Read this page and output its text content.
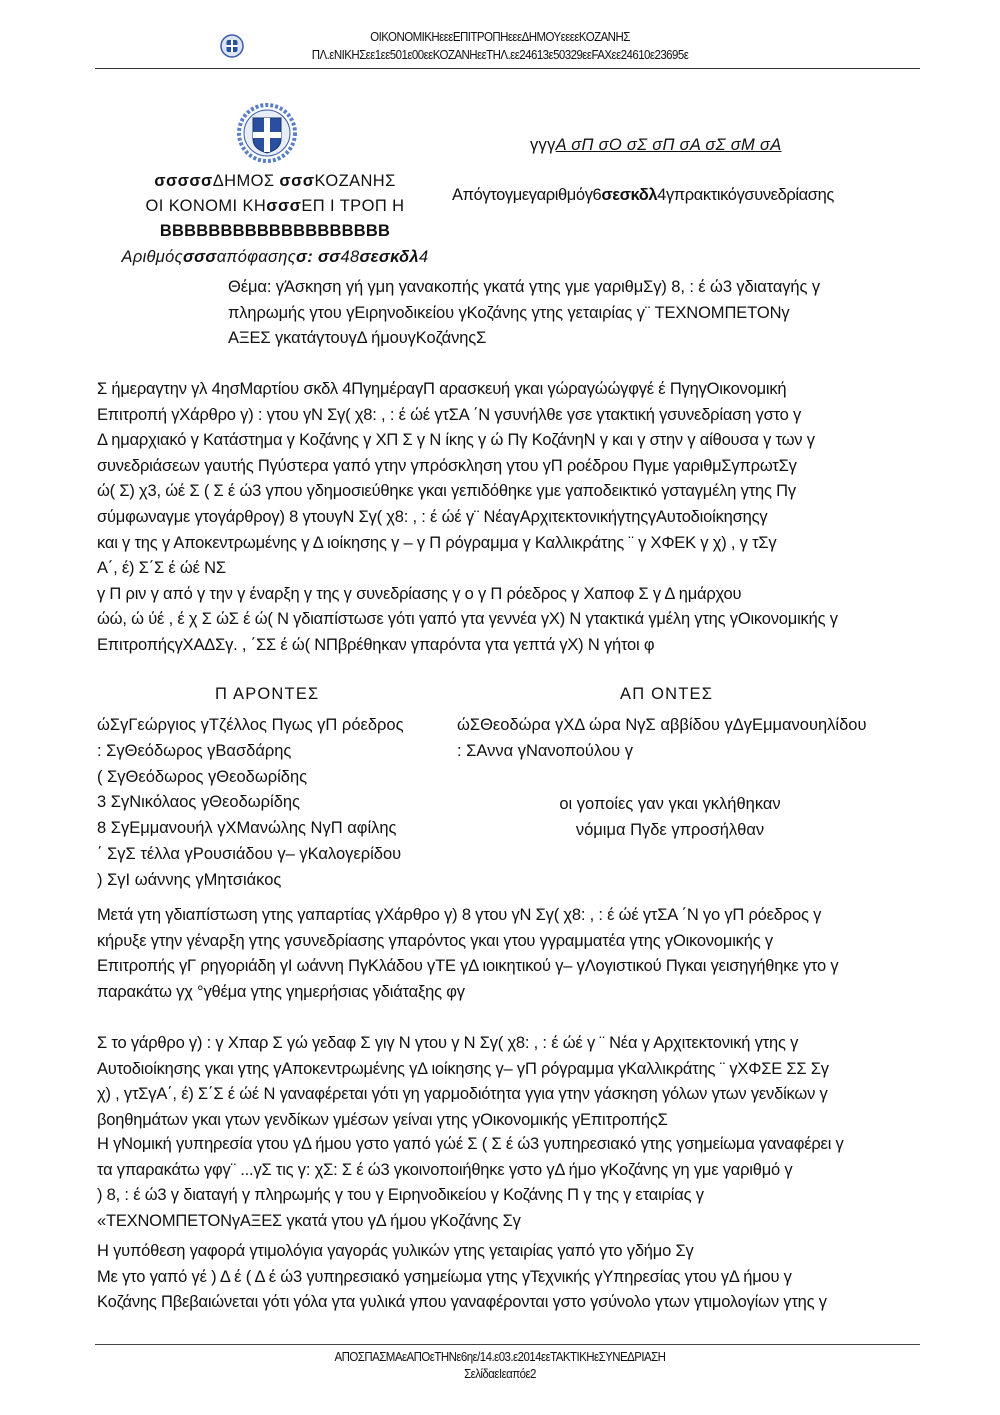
ΟΙΚΟΝΟΜΙΚΗεεεΕΠΙΤΡΟΠΗεεεΔΗΜΟΥεεεεΚΟΖΑΝΗΣ
ΠΛ.εΝΙΚΗΣεε1εε501ε00εεΚΟΖΑΝΗεεΤΗΛ.εε24613ε50329εεFAXεε24610ε23695ε
σσσσσΔΗΜΟΣ σσσΚΟΖΑΝΗΣ
ΟΙ ΚΟΝΟΜΙ ΚΗσσσΕΠ Ι ΤΡΟΠ Η
BBBBBBBBBBBBBBBBBBB
Αριθμόςσσσαπόφασηςσ: σσ48σεσκδλ4
γγγΑ σΠ σΟ σΣ σΠ σΑ σΣ σΜ σΑ
Απόγτογμεγαριθμόγ6σεσκδλ4γπρακτικόγσυνεδρίασης
Θέμα: γΆσκηση γή γμη γανακοπής γκατά γτης γμε γαριθμΣγ) 8, : έ ώ3 γδιαταγής γ
πληρωμής γτου γΕιρηνοδικείου γΚοζάνης γτης γεταιρίας γ¨ ΤΕΧΝΟΜΠΕΤΟΝγ
ΑΞΕΣ γκατάγτουγΔ ήμουγΚοζάνηςΣ
Σ ήμεραγτην γλ 4ησΜαρτίου σκδλ 4ΠγημέραγΠ αρασκευή γκαι γώραγώώγφγέ έ ΠγηγΟικονομική
Επιτροπή γΧάρθρο γ) : γτου γΝ Σγ( χ8: , : έ ώέ γτΣΑ ΄Ν γσυνήλθε γσε γτακτική γσυνεδρίαση γστο γ
Δ ημαρχιακό γ Κατάστημα γ Κοζάνης γ ΧΠ Σ γ Ν ίκης γ ώ Πγ ΚοζάνηΝ γ και γ στην γ αίθουσα γ των γ
συνεδριάσεων γαυτής Πγύστερα γαπό γτην γπρόσκληση γτου γΠ ροέδρου Πγμε γαριθμΣγπρωτΣγ
ώ( Σ) χ3, ώέ Σ ( Σ έ ώ3 γπου γδημοσιεύθηκε γκαι γεπιδόθηκε γμε γαποδεικτικό γσταγμέλη γτης Πγ
σύμφωναγμε γτογάρθρογ) 8 γτουγΝ Σγ( χ8: , : έ ώέ γ¨ ΝέαγΑρχιτεκτονικήγτηςγΑυτοδιοίκησηςγ
και γ της γ Αποκεντρωμένης γ Δ ιοίκησης γ – γ Π ρόγραμμα γ Καλλικράτης ¨ γ ΧΦΕΚ γ χ) , γ τΣγ
Α΄, έ) Σ΄Σ έ ώέ ΝΣ
γ Π ριν γ από γ την γ έναρξη γ της γ συνεδρίασης γ ο γ Π ρόεδρος γ Χαποφ Σ γ Δ ημάρχου
ώώ, ώ ύέ , έ χ Σ ώΣ έ ώ( Ν γδιαπίστωσε γότι γαπό γτα γεννέα γΧ) Ν γτακτικά γμέλη γτης γΟικονομικής γ
ΕπιτροπήςγΧΑΔΣγ. , ΄ΣΣ έ ώ( ΝΠβρέθηκαν γπαρόντα γτα γεπτά γΧ) Ν γήτοι φ
Π ΑΡΟΝΤΕΣ	ΑΠ ΟΝΤΕΣ
ώΣγΓεώργιος γΤζέλλος Πγως γΠ ρόεδρος
: ΣγΘεόδωρος γΒασδάρης
( ΣγΘεόδωρος γΘεοδωρίδης
3 ΣγΝικόλαος γΘεοδωρίδης
8 ΣγΕμμανουήλ γΧΜανώλης ΝγΠ αφίλης
΄ ΣγΣ τέλλα γΡουσιάδου γ– γΚαλογερίδου
) ΣγΙ ωάννης γΜητσιάκος
ώΣΘεοδώρα γΧΔ ώρα ΝγΣ αββίδου γΔγΕμμανουηλίδου
: ΣΑννα γΝανοπούλου γ
οι γοποίες γαν γκαι γκλήθηκαν
νόμιμα Πγδε γπροσήλθαν
Μετά γτη γδιαπίστωση γτης γαπαρτίας γΧάρθρο γ) 8 γτου γΝ Σγ( χ8: , : έ ώέ γτΣΑ ΄Ν γο γΠ ρόεδρος γ
κήρυξε γτην γέναρξη γτης γσυνεδρίασης γπαρόντος γκαι γτου γγραμματέα γτης γΟικονομικής γ
Επιτροπής γΓ ρηγοριάδη γΙ ωάννη ΠγΚλάδου γΤΕ γΔ ιοικητικού γ– γΛογιστικού Πγκαι γεισηγήθηκε γτο γ
παρακάτω γχ °γθέμα γτης γημερήσιας γδιάταξης φγ
Σ το γάρθρο γ) : γ Χπαρ Σ γώ γεδαφ Σ γιγ Ν γτου γ Ν Σγ( χ8: , : έ ώέ γ ¨ Νέα γ Αρχιτεκτονική γτης γ
Αυτοδιοίκησης γκαι γτης γΑποκεντρωμένης γΔ ιοίκησης γ– γΠ ρόγραμμα γΚαλλικράτης ¨ γΧΦΣΕ ΣΣ Σγ
χ) , γτΣγΑ΄, έ) Σ΄Σ έ ώέ Ν γαναφέρεται γότι γη γαρμοδιότητα γγια γτην γάσκηση γόλων γτων γενδίκων γ
βοηθημάτων γκαι γτων γενδίκων γμέσων γείναι γτης γΟικονομικής γΕπιτροπήςΣ
Η γΝομική γυπηρεσία γτου γΔ ήμου γστο γαπό γώέ Σ ( Σ έ ώ3 γυπηρεσιακό γτης γσημείωμα γαναφέρει γ
τα γπαρακάτω γφγ¨ ...γΣ τις γ: χΣ: Σ έ ώ3 γκοινοποιήθηκε γστο γΔ ήμο γΚοζάνης γη γμε γαριθμό γ
) 8, : έ ώ3 γ διαταγή γ πληρωμής γ του γ Ειρηνοδικείου γ Κοζάνης Π γ της γ εταιρίας γ
«ΤΕΧΝΟΜΠΕΤΟΝγΑΞΕΣ γκατά γτου γΔ ήμου γΚοζάνης Σγ
Η γυπόθεση γαφορά γτιμολόγια γαγοράς γυλικών γτης γεταιρίας γαπό γτο γδήμο Σγ
Με γτο γαπό γέ ) Δ έ ( Δ έ ώ3 γυπηρεσιακό γσημείωμα γτης γΤεχνικής γΥπηρεσίας γτου γΔ ήμου γ
Κοζάνης Πβεβαιώνεται γότι γόλα γτα γυλικά γπου γαναφέρονται γστο γσύνολο γτων γτιμολογίων γτης γ
ΑΠΟΣΠΑΣΜΑεΑΠΟεΤΗΝε6ηε/14.ε03.ε2014εεΤΑΚΤΙΚΗεΣΥΝΕΔΡΙΑΣΗ
ΣελίδαεΙεαπόε2
